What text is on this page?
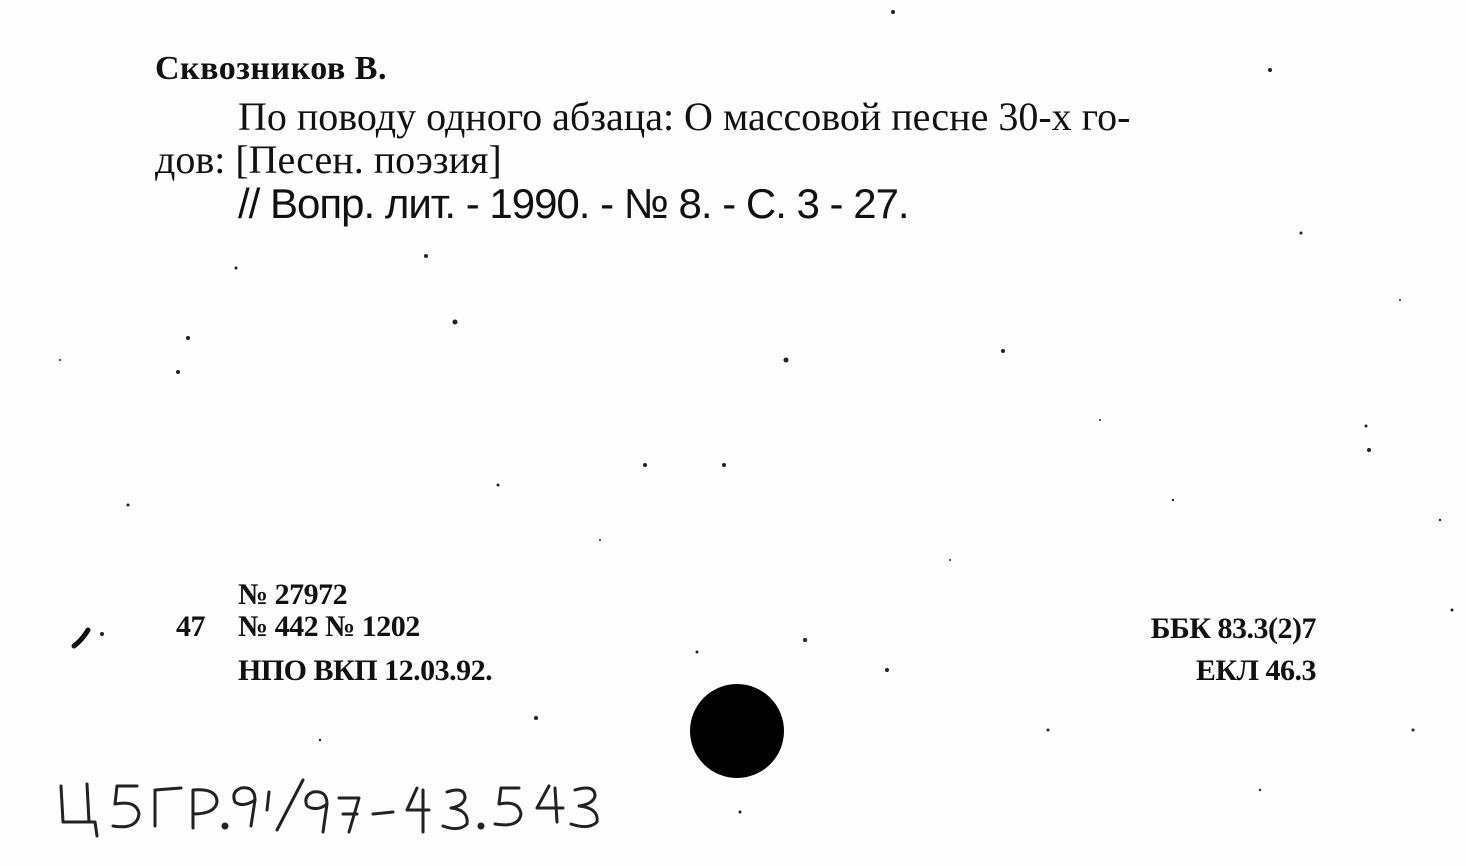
Сквозников В.
По поводу одного абзаца: О массовой песне 30-х го-
дов: [Песен. поэзия]
// Вопр. лит. - 1990. - № 8. - С. 3 - 27.
№ 27972
47 № 442 № 1202
НПО ВКП 12.03.92.
ББК 83.3(2)7
ЕКЛ 46.3
